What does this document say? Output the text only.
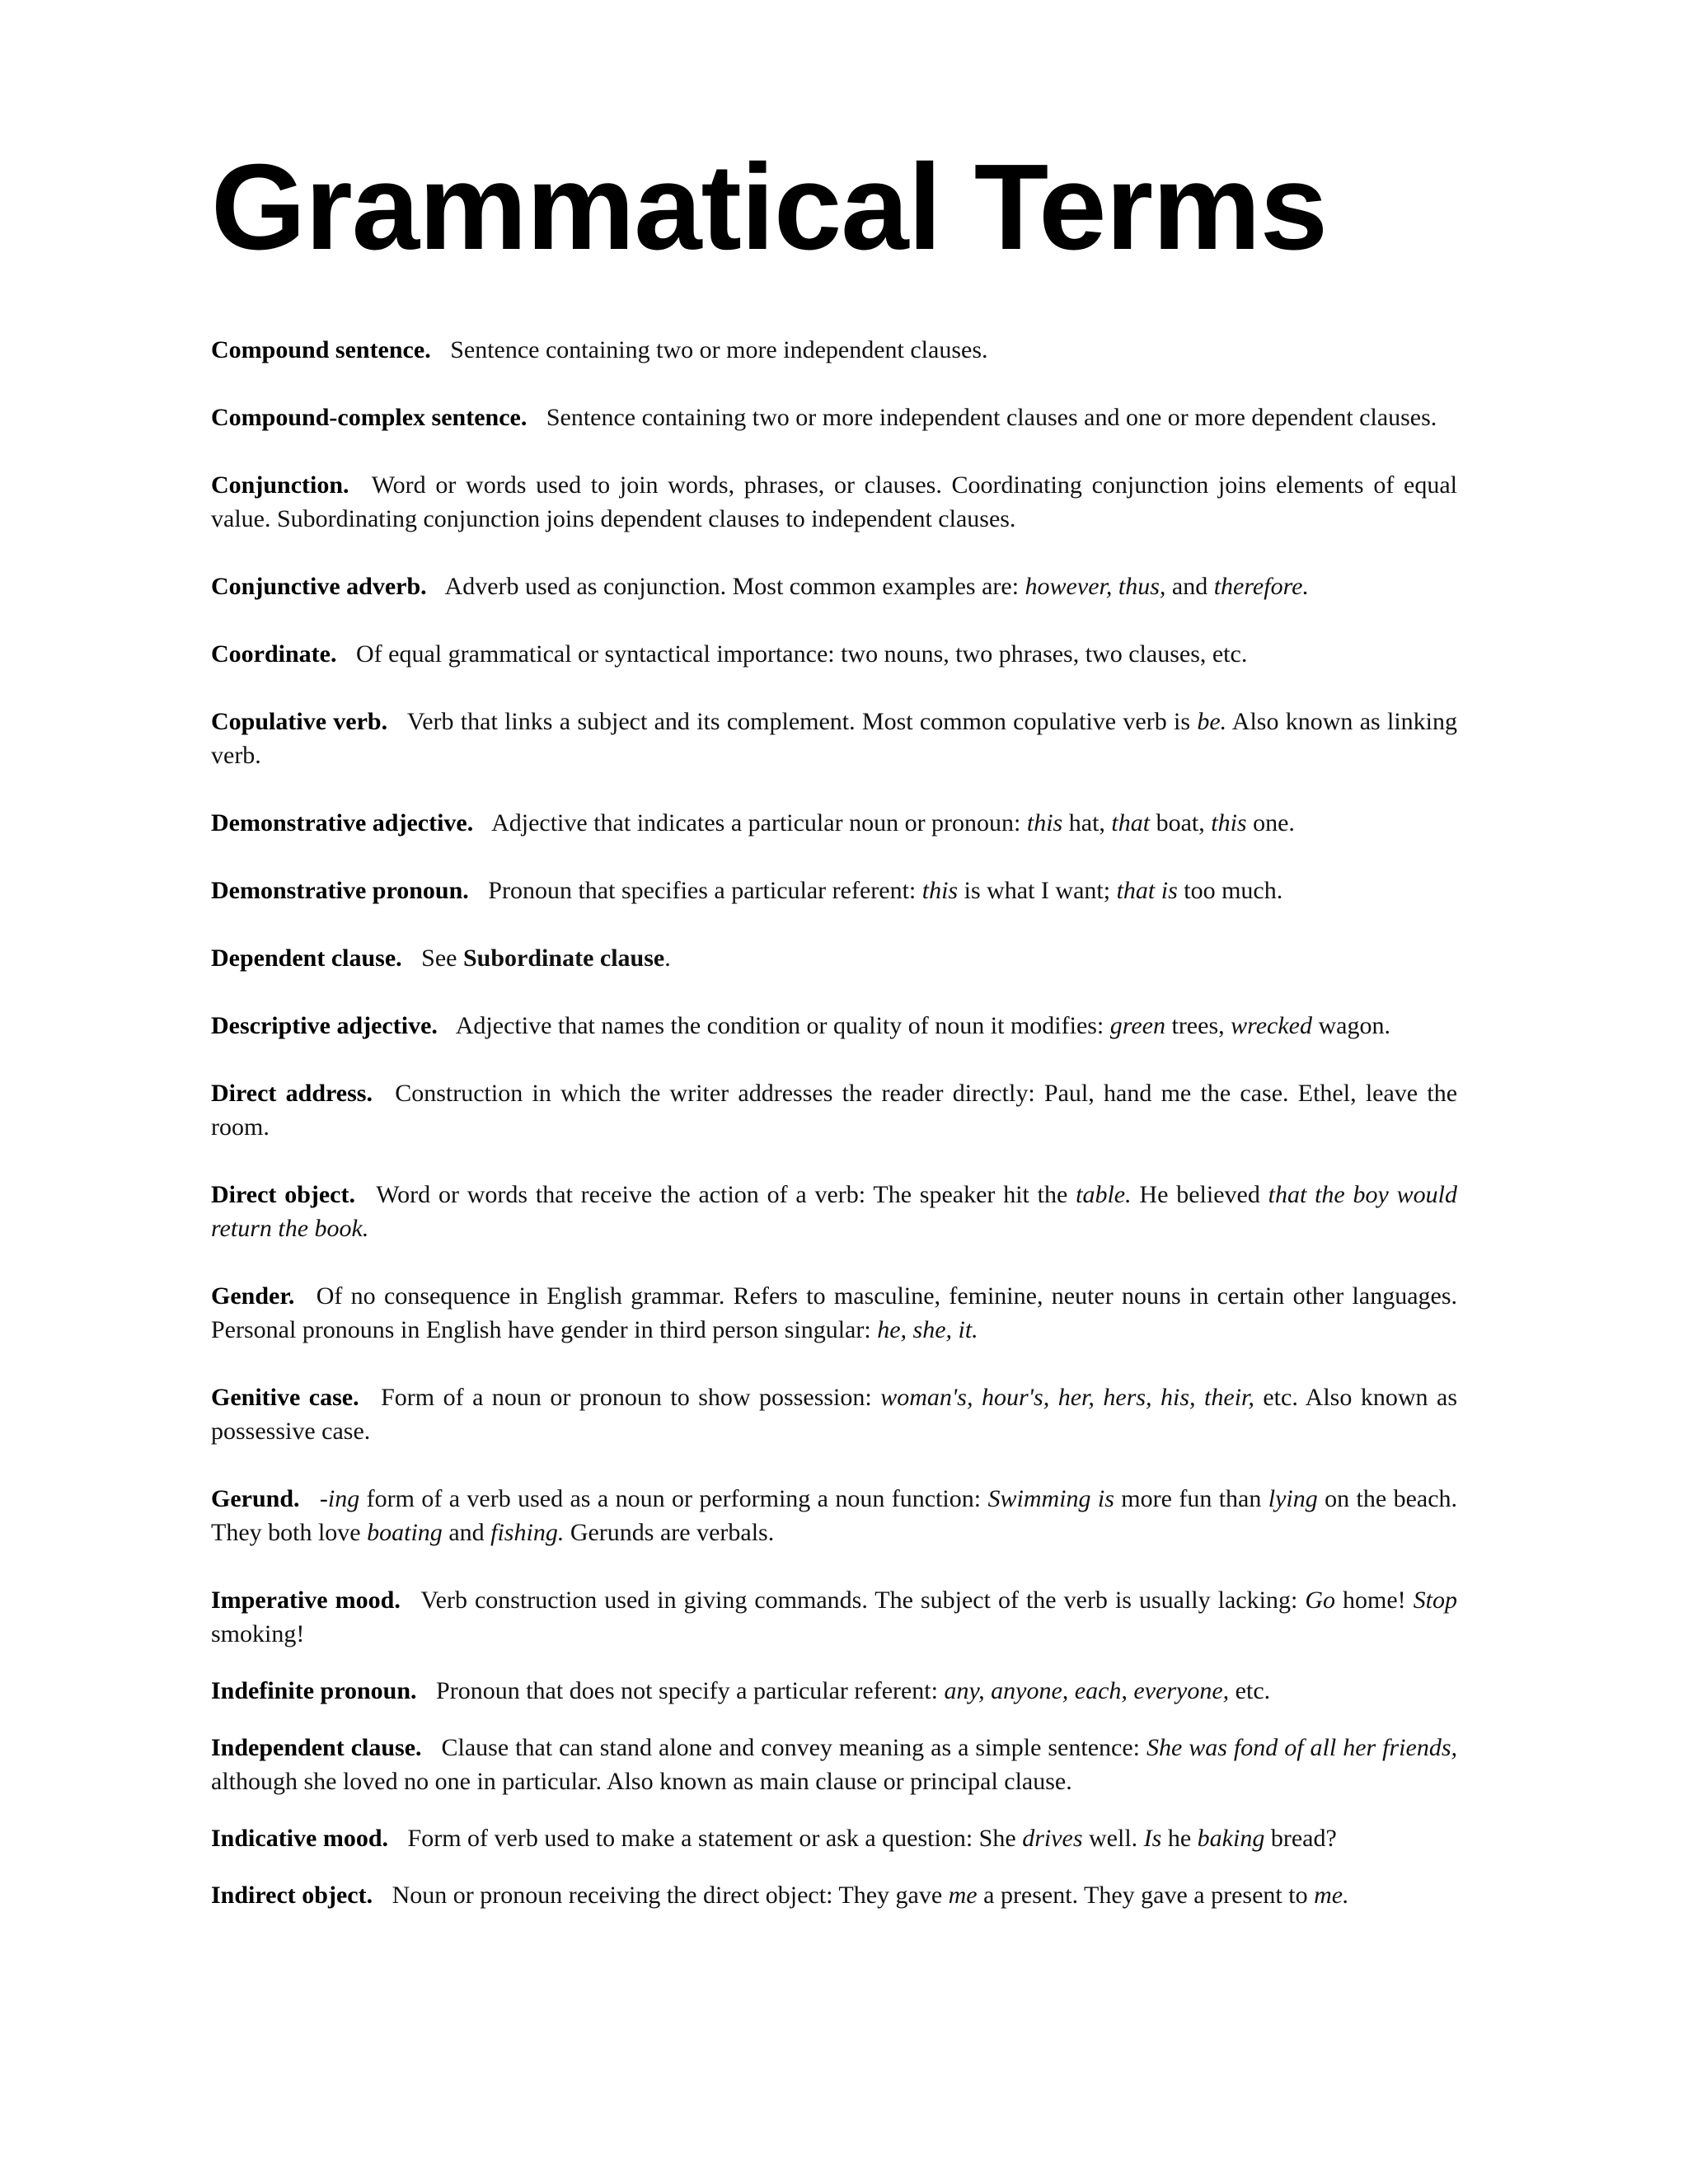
Grammatical Terms

Compound sentence. Sentence containing two or more independent clauses.

Compound-complex sentence. Sentence containing two or more independent clauses and one or more dependent clauses.

Conjunction. Word or words used to join words, phrases, or clauses. Coordinating conjunction joins elements of equal value. Subordinating conjunction joins dependent clauses to independent clauses.

Conjunctive adverb. Adverb used as conjunction. Most common examples are: however, thus, and therefore.

Coordinate. Of equal grammatical or syntactical importance: two nouns, two phrases, two clauses, etc.

Copulative verb. Verb that links a subject and its complement. Most common copulative verb is be. Also known as linking verb.

Demonstrative adjective. Adjective that indicates a particular noun or pronoun: this hat, that boat, this one.

Demonstrative pronoun. Pronoun that specifies a particular referent: this is what I want; that is too much.

Dependent clause. See Subordinate clause.

Descriptive adjective. Adjective that names the condition or quality of noun it modifies: green trees, wrecked wagon.

Direct address. Construction in which the writer addresses the reader directly: Paul, hand me the case. Ethel, leave the room.

Direct object. Word or words that receive the action of a verb: The speaker hit the table. He believed that the boy would return the book.

Gender. Of no consequence in English grammar. Refers to masculine, feminine, neuter nouns in certain other languages. Personal pronouns in English have gender in third person singular: he, she, it.

Genitive case. Form of a noun or pronoun to show possession: woman's, hour's, her, hers, his, their, etc. Also known as possessive case.

Gerund. -ing form of a verb used as a noun or performing a noun function: Swimming is more fun than lying on the beach. They both love boating and fishing. Gerunds are verbals.

Imperative mood. Verb construction used in giving commands. The subject of the verb is usually lacking: Go home! Stop smoking!

Indefinite pronoun. Pronoun that does not specify a particular referent: any, anyone, each, everyone, etc.

Independent clause. Clause that can stand alone and convey meaning as a simple sentence: She was fond of all her friends, although she loved no one in particular. Also known as main clause or principal clause.

Indicative mood. Form of verb used to make a statement or ask a question: She drives well. Is he baking bread?

Indirect object. Noun or pronoun receiving the direct object: They gave me a present. They gave a present to me.
